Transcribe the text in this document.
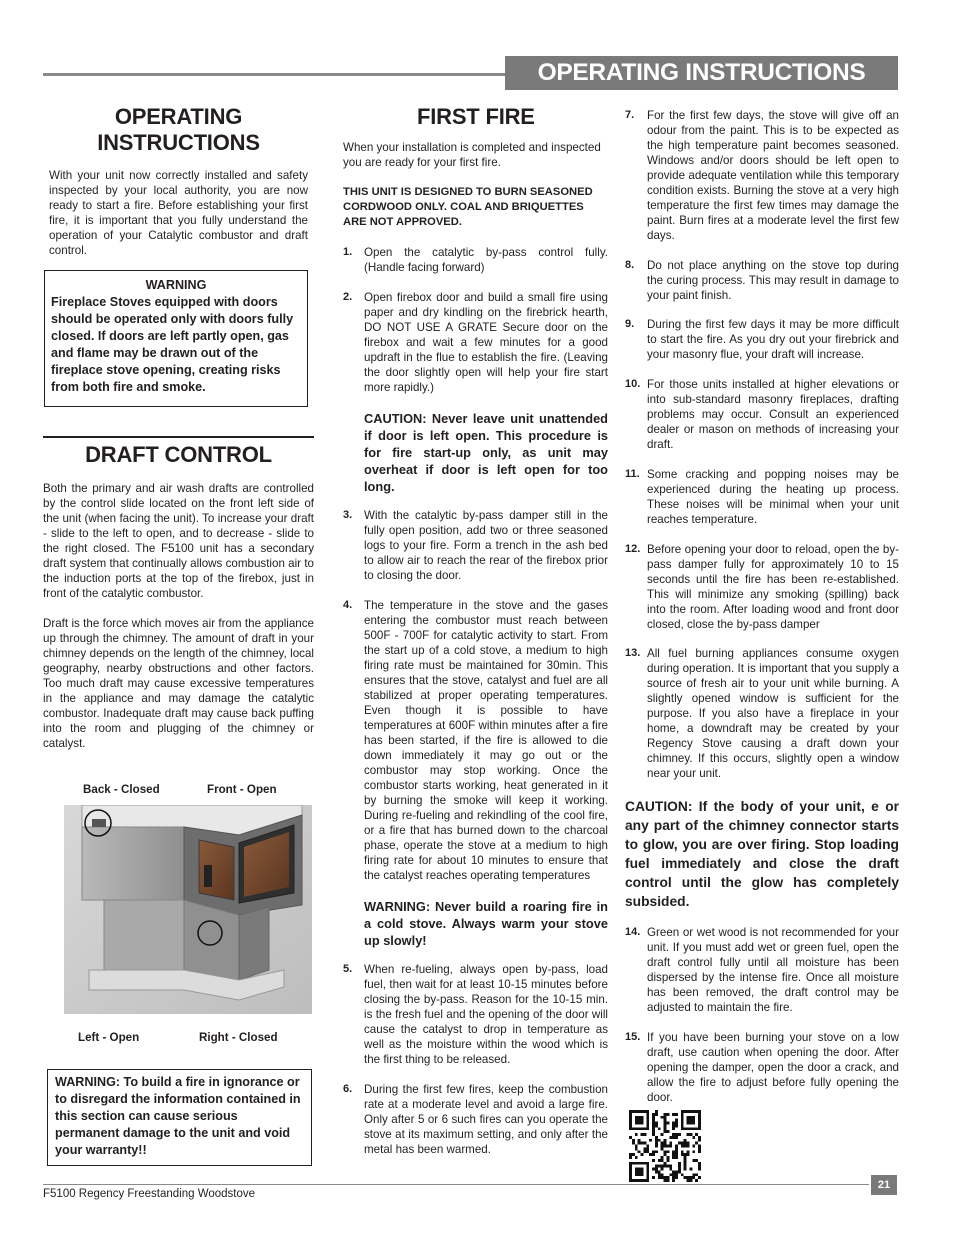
OPERATING INSTRUCTIONS
OPERATING
INSTRUCTIONS

With your unit now correctly installed and safety inspected by your local authority, you are now ready to start a fire. Before establishing your first fire, it is important that you fully understand the operation of your Catalytic combustor and draft control.

WARNING
Fireplace Stoves equipped with doors should be operated only with doors fully closed. If doors are left partly open, gas and flame may be drawn out of the fireplace stove opening, creating risks from both fire and smoke.
DRAFT CONTROL

Both the primary and air wash drafts are controlled by the control slide located on the front left side of the unit (when facing the unit). To increase your draft - slide to the left to open, and to decrease - slide to the right closed. The F5100 unit has a secondary draft system that continually allows combustion air to the induction ports at the top of the firebox, just in front of the catalytic combustor.

Draft is the force which moves air from the appliance up through the chimney. The amount of draft in your chimney depends on the length of the chimney, local geography, nearby obstructions and other factors. Too much draft may cause excessive temperatures in the appliance and may damage the catalytic combustor. Inadequate draft may cause back puffing into the room and plugging of the chimney or catalyst.

Back - Closed	Front - Open
Left - Open	Right - Closed
WARNING: To build a fire in ignorance or to disregard the information contained in this section can cause serious permanent damage to the unit and void your warranty!!
FIRST FIRE

When your installation is completed and inspected you are ready for your first fire.

THIS UNIT IS DESIGNED TO BURN SEASONED CORDWOOD ONLY. COAL AND BRIQUETTES ARE NOT APPROVED.

1.	Open the catalytic by-pass control fully. (Handle facing forward)
2.	Open firebox door and build a small fire using paper and dry kindling on the firebrick hearth, DO NOT USE A GRATE Secure door on the firebox and wait a few minutes for a good updraft in the flue to establish the fire. (Leaving the door slightly open will help your fire start more rapidly.)

CAUTION: Never leave unit unattended if door is left open. This procedure is for fire start-up only, as unit may overheat if door is left open for too long.

3.	With the catalytic by-pass damper still in the fully open position, add two or three seasoned logs to your fire. Form a trench in the ash bed to allow air to reach the rear of the firebox prior to closing the door.
4.	The temperature in the stove and the gases entering the combustor must reach between 500F - 700F for catalytic activity to start. From the start up of a cold stove, a medium to high firing rate must be maintained for 30min. This ensures that the stove, catalyst and fuel are all stabilized at proper operating temperatures. Even though it is possible to have temperatures at 600F within minutes after a fire has been started, if the fire is allowed to die down immediately it may go out or the combustor may stop working. Once the combustor starts working, heat generated in it by burning the smoke will keep it working. During re-fueling and rekindling of the cool fire, or a fire that has burned down to the charcoal phase, operate the stove at a medium to high firing rate for about 10 minutes to ensure that the catalyst reaches operating temperatures

WARNING: Never build a roaring fire in a cold stove. Always warm your stove up slowly!

5.	When re-fueling, always open by-pass, load fuel, then wait for at least 10-15 minutes before closing the by-pass. Reason for the 10-15 min. is the fresh fuel and the opening of the door will cause the catalyst to drop in temperature as well as the moisture within the wood which is the first thing to be released.
6.	During the first few fires, keep the combustion rate at a moderate level and avoid a large fire. Only after 5 or 6 such fires can you operate the stove at its maximum setting, and only after the metal has been warmed.
7.	For the first few days, the stove will give off an odour from the paint. This is to be expected as the high temperature paint becomes seasoned. Windows and/or doors should be left open to provide adequate ventilation while this temporary condition exists. Burning the stove at a very high temperature the first few times may damage the paint. Burn fires at a moderate level the first few days.
8.	Do not place anything on the stove top during the curing process. This may result in damage to your paint finish.
9.	During the first few days it may be more difficult to start the fire. As you dry out your firebrick and your masonry flue, your draft will increase.
10. For those units installed at higher elevations or into sub-standard masonry fireplaces, drafting problems may occur. Consult an experienced dealer or mason on methods of increasing your draft.
11. Some cracking and popping noises may be experienced during the heating up process. These noises will be minimal when your unit reaches temperature.
12. Before opening your door to reload, open the by-pass damper fully for approximately 10 to 15 seconds until the fire has been re-established. This will minimize any smoking (spilling) back into the room. After loading wood and front door closed, close the by-pass damper
13. All fuel burning appliances consume oxygen during operation. It is important that you supply a source of fresh air to your unit while burning. A slightly opened window is sufficient for the purpose. If you also have a fireplace in your home, a downdraft may be created by your Regency Stove causing a draft down your chimney. If this occurs, slightly open a window near your unit.

CAUTION: If the body of your unit, e or any part of the chimney connector starts to glow, you are over firing. Stop loading fuel immediately and close the draft control until the glow has completely subsided.

14. Green or wet wood is not recommended for your unit. If you must add wet or green fuel, open the draft control fully until all moisture has been dispersed by the intense fire. Once all moisture has been removed, the draft control may be adjusted to maintain the fire.
15. If you have been burning your stove on a low draft, use caution when opening the door. After opening the damper, open the door a crack, and allow the fire to adjust before fully opening the door.
F5100 Regency Freestanding Woodstove
21
